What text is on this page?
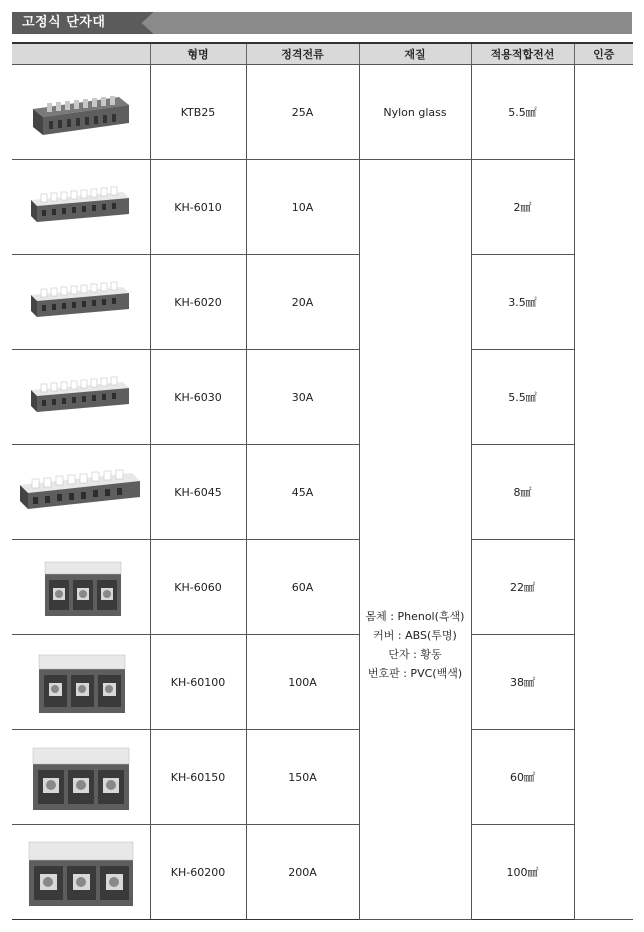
고정식 단자대
	형명	정격전류	재질	적용적합전선	인증

	KTB25	25A	Nylon glass	5.5㎟	

	KH-6010	10A	몸체 : Phenol(흑색)
커버 : ABS(투명)
단자 : 황동
번호판 : PVC(백색)	2㎟	

	KH-6020	20A		3.5㎟	

	KH-6030	30A		5.5㎟	

	KH-6045	45A		8㎟	

	KH-6060	60A		22㎟	

	KH-60100	100A		38㎟	

	KH-60150	150A		60㎟	

	KH-60200	200A		100㎟	
